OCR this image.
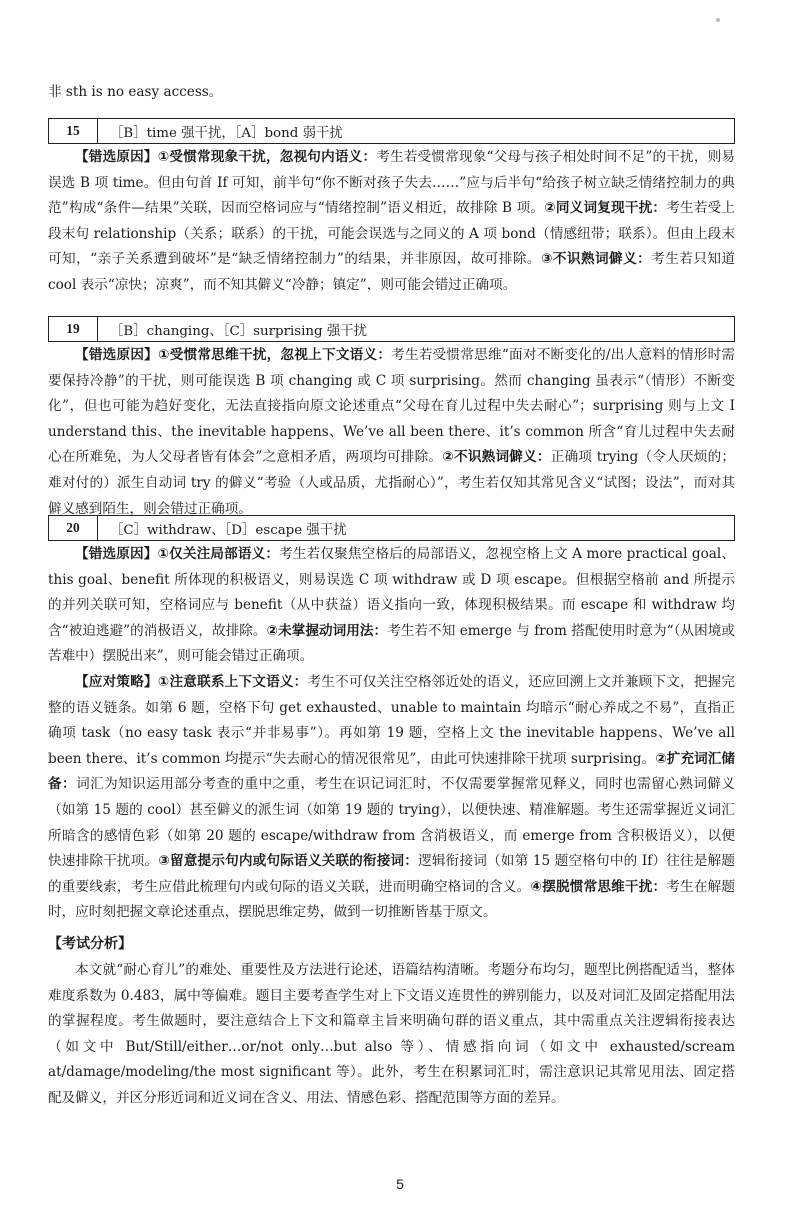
非 sth is no easy access。

15	［B］time 强干扰，［A］bond 弱干扰

【错选原因】①受惯常现象干扰，忽视句内语义：考生若受惯常现象“父母与孩子相处时间不足”的干扰，则易误选 B 项 time。但由句首 If 可知，前半句“你不断对孩子失去……”应与后半句“给孩子树立缺乏情绪控制力的典范”构成“条件—结果”关联，因而空格词应与“情绪控制”语义相近，故排除 B 项。②同义词复现干扰：考生若受上段末句 relationship（关系；联系）的干扰，可能会误选与之同义的 A 项 bond（情感纽带；联系）。但由上段末可知，“亲子关系遭到破坏”是“缺乏情绪控制力”的结果，并非原因，故可排除。③不识熟词僻义：考生若只知道 cool 表示“凉快；凉爽”，而不知其僻义“冷静；镇定”，则可能会错过正确项。

19	［B］changing、［C］surprising 强干扰

【错选原因】①受惯常思维干扰，忽视上下文语义：考生若受惯常思维“面对不断变化的/出人意料的情形时需要保持冷静”的干扰，则可能误选 B 项 changing 或 C 项 surprising。然而 changing 虽表示“（情形）不断变化”，但也可能为趋好变化，无法直接指向原文论述重点“父母在育儿过程中失去耐心”；surprising 则与上文 I understand this、the inevitable happens、We’ve all been there、it’s common 所含“育儿过程中失去耐心在所难免，为人父母者皆有体会”之意相矛盾，两项均可排除。②不识熟词僻义：正确项 trying（令人厌烦的；难对付的）派生自动词 try 的僻义“考验（人或品质，尤指耐心）”，考生若仅知其常见含义“试图；设法”，而对其僻义感到陌生，则会错过正确项。

20	［C］withdraw、［D］escape 强干扰

【错选原因】①仅关注局部语义：考生若仅聚焦空格后的局部语义，忽视空格上文 A more practical goal、this goal、benefit 所体现的积极语义，则易误选 C 项 withdraw 或 D 项 escape。但根据空格前 and 所提示的并列关联可知，空格词应与 benefit（从中获益）语义指向一致，体现积极结果。而 escape 和 withdraw 均含“被迫逃避”的消极语义，故排除。②未掌握动词用法：考生若不知 emerge 与 from 搭配使用时意为“（从困境或苦难中）摆脱出来”，则可能会错过正确项。

【应对策略】①注意联系上下文语义：考生不可仅关注空格邻近处的语义，还应回溯上文并兼顾下文，把握完整的语义链条。如第 6 题，空格下句 get exhausted、unable to maintain 均暗示“耐心养成之不易”，直指正确项 task（no easy task 表示“并非易事”）。再如第 19 题，空格上文 the inevitable happens、We’ve all been there、it’s common 均提示“失去耐心的情况很常见”，由此可快速排除干扰项 surprising。②扩充词汇储备：词汇为知识运用部分考查的重中之重，考生在识记词汇时，不仅需要掌握常见释义，同时也需留心熟词僻义（如第 15 题的 cool）甚至僻义的派生词（如第 19 题的 trying），以便快速、精准解题。考生还需掌握近义词汇所暗含的感情色彩（如第 20 题的 escape/withdraw from 含消极语义，而 emerge from 含积极语义），以便快速排除干扰项。③留意提示句内或句际语义关联的衔接词：逻辑衔接词（如第 15 题空格句中的 If）往往是解题的重要线索，考生应借此梳理句内或句际的语义关联，进而明确空格词的含义。④摆脱惯常思维干扰：考生在解题时，应时刻把握文章论述重点，摆脱思维定势，做到一切推断皆基于原文。

【考试分析】

本文就“耐心育儿”的难处、重要性及方法进行论述，语篇结构清晰。考题分布均匀，题型比例搭配适当，整体难度系数为 0.483，属中等偏难。题目主要考查学生对上下文语义连贯性的辨别能力，以及对词汇及固定搭配用法的掌握程度。考生做题时，要注意结合上下文和篇章主旨来明确句群的语义重点，其中需重点关注逻辑衔接表达（如文中 But/Still/either…or/not only…but also 等）、情感指向词（如文中 exhausted/scream at/damage/modeling/the most significant 等）。此外，考生在积累词汇时，需注意识记其常见用法、固定搭配及僻义，并区分形近词和近义词在含义、用法、情感色彩、搭配范围等方面的差异。

5
